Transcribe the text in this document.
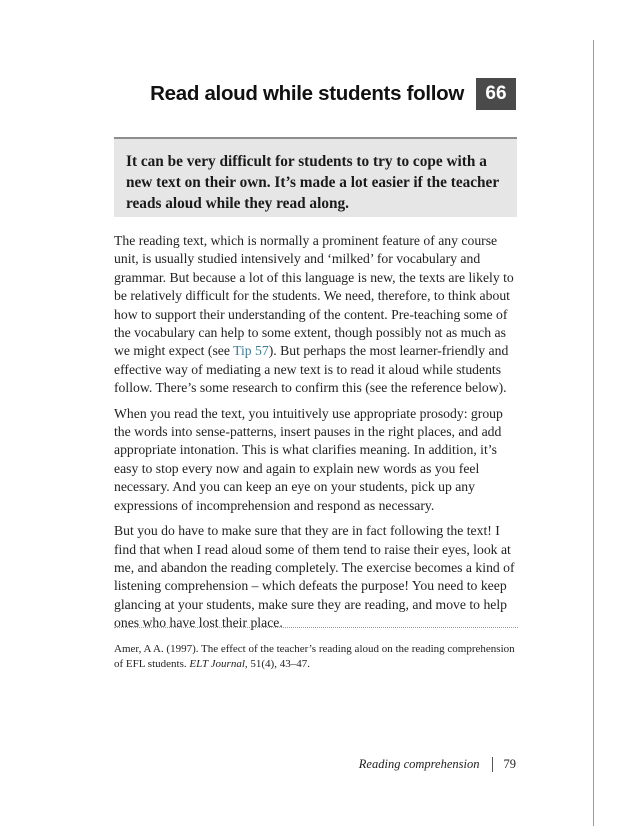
Read aloud while students follow	66

It can be very difficult for students to try to cope with a new text on their own. It’s made a lot easier if the teacher reads aloud while they read along.

The reading text, which is normally a prominent feature of any course unit, is usually studied intensively and ‘milked’ for vocabulary and grammar. But because a lot of this language is new, the texts are likely to be relatively difficult for the students. We need, therefore, to think about how to support their understanding of the content. Pre-teaching some of the vocabulary can help to some extent, though possibly not as much as we might expect (see Tip 57). But perhaps the most learner-friendly and effective way of mediating a new text is to read it aloud while students follow. There’s some research to confirm this (see the reference below).

When you read the text, you intuitively use appropriate prosody: group the words into sense-patterns, insert pauses in the right places, and add appropriate intonation. This is what clarifies meaning. In addition, it’s easy to stop every now and again to explain new words as you feel necessary. And you can keep an eye on your students, pick up any expressions of incomprehension and respond as necessary.

But you do have to make sure that they are in fact following the text! I find that when I read aloud some of them tend to raise their eyes, look at me, and abandon the reading completely. The exercise becomes a kind of listening comprehension – which defeats the purpose! You need to keep glancing at your students, make sure they are reading, and move to help ones who have lost their place.

Amer, A A. (1997). The effect of the teacher’s reading aloud on the reading comprehension of EFL students. ELT Journal, 51(4), 43–47.

Reading comprehension 79
